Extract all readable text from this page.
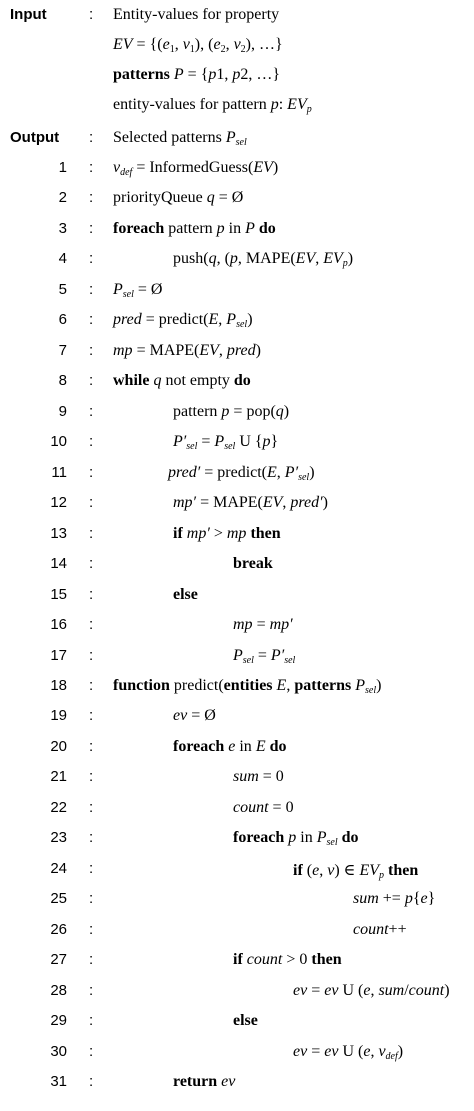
Input	: Entity-values for property
EV = {(e1, v1), (e2, v2), …}
patterns P = {p1, p2, …}
entity-values for pattern p: $EV_p$
Output : Selected patterns $P_{sel}$
1 : $v_{def}$ = InformedGuess(EV)
2 : priorityQueue q = Ø
3 : foreach pattern p in P do
4 :	push(q, (p, MAPE(EV, $EV_p$)
5 : $P_{sel}$ = Ø
6 : pred = predict(E, $P_{sel}$)
7 : mp = MAPE(EV, pred)
8 : while q not empty do
9 :	pattern p = pop(q)
10 :	$P'_{sel} = P_{sel}$ U {p}
11 :	pred′ = predict(E, $P'_{sel}$)
12 :	mp′ = MAPE(EV, pred′)
13 :	if mp′ > mp then
14 :	break
15 :	else
16 :	mp = mp′
17 :	$P_{sel} = P'_{sel}$
18 : function predict(entities E, patterns $P_{sel}$)
19 :	ev = Ø
20 :	foreach e in E do
21 :	sum = 0
22 :	count = 0
23 :	foreach p in $P_{sel}$ do
24 :	if (e, v) ∈ $EV_p$ then
25 :	sum += p{e}
26 :	count++
27 :	if count > 0 then
28 :	ev = ev U (e, sum/count)
29 :	else
30 :	ev = ev U (e, $v_{def}$)
31 :	return ev
